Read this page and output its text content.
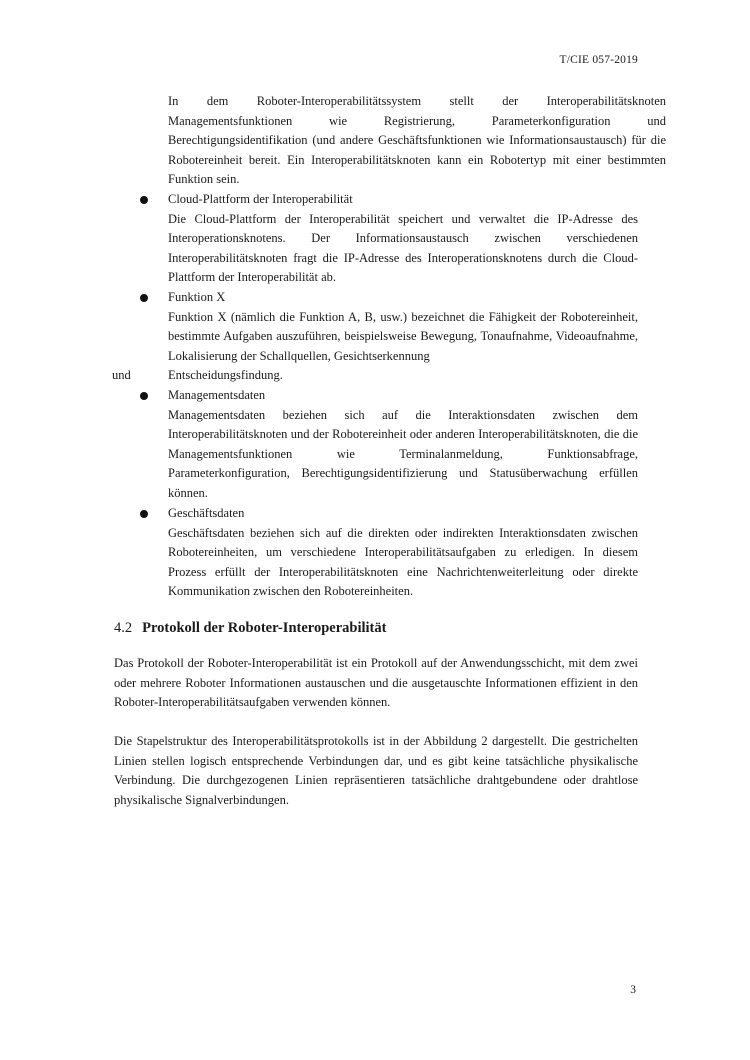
T/CIE 057-2019
In dem Roboter-Interoperabilitätssystem stellt der Interoperabilitätsknoten Managementsfunktionen wie Registrierung, Parameterkonfiguration und Berechtigungsidentifikation (und andere Geschäftsfunktionen wie Informationsaustausch) für die Robotereinheit bereit. Ein Interoperabilitätsknoten kann ein Robotertyp mit einer bestimmten Funktion sein.
Cloud-Plattform der Interoperabilität
Die Cloud-Plattform der Interoperabilität speichert und verwaltet die IP-Adresse des Interoperationsknotens. Der Informationsaustausch zwischen verschiedenen Interoperabilitätsknoten fragt die IP-Adresse des Interoperationsknotens durch die Cloud-Plattform der Interoperabilität ab.
Funktion X
Funktion X (nämlich die Funktion A, B, usw.) bezeichnet die Fähigkeit der Robotereinheit, bestimmte Aufgaben auszuführen, beispielsweise Bewegung, Tonaufnahme, Videoaufnahme, Lokalisierung der Schallquellen, Gesichtserkennung
und	Entscheidungsfindung.
Managementsdaten
Managementsdaten beziehen sich auf die Interaktionsdaten zwischen dem Interoperabilitätsknoten und der Robotereinheit oder anderen Interoperabilitätsknoten, die die Managementsfunktionen wie Terminalanmeldung, Funktionsabfrage, Parameterkonfiguration, Berechtigungsidentifizierung und Statusüberwachung erfüllen können.
Geschäftsdaten
Geschäftsdaten beziehen sich auf die direkten oder indirekten Interaktionsdaten zwischen Robotereinheiten, um verschiedene Interoperabilitätsaufgaben zu erledigen. In diesem Prozess erfüllt der Interoperabilitätsknoten eine Nachrichtenweiterleitung oder direkte Kommunikation zwischen den Robotereinheiten.
4.2 Protokoll der Roboter-Interoperabilität
Das Protokoll der Roboter-Interoperabilität ist ein Protokoll auf der Anwendungsschicht, mit dem zwei oder mehrere Roboter Informationen austauschen und die ausgetauschte Informationen effizient in den Roboter-Interoperabilitätsaufgaben verwenden können.
Die Stapelstruktur des Interoperabilitätsprotokolls ist in der Abbildung 2 dargestellt. Die gestrichelten Linien stellen logisch entsprechende Verbindungen dar, und es gibt keine tatsächliche physikalische Verbindung. Die durchgezogenen Linien repräsentieren tatsächliche drahtgebundene oder drahtlose physikalische Signalverbindungen.
3
